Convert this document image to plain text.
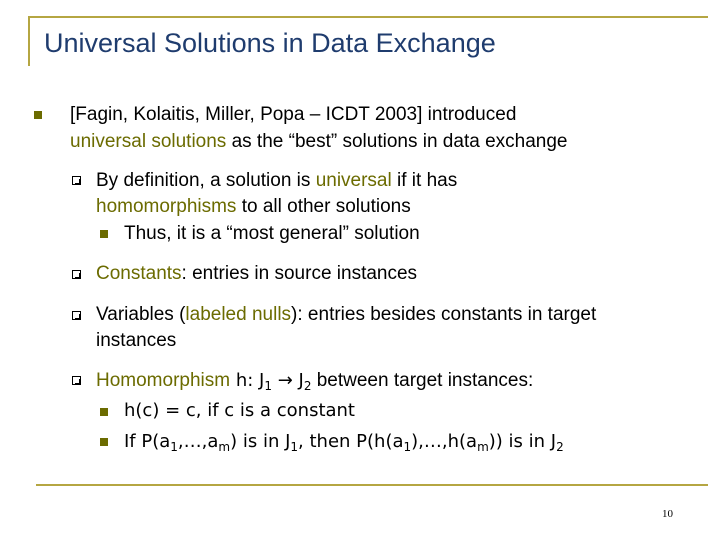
Universal Solutions in Data Exchange
[Fagin, Kolaitis, Miller, Popa – ICDT 2003] introduced
universal solutions as the “best” solutions in data exchange
By definition, a solution is universal if it has
homomorphisms to all other solutions
Thus, it is a “most general” solution
Constants: entries in source instances
Variables (labeled nulls): entries besides constants in target
instances
Homomorphism h: $J_1 \to J_2$ between target instances:
h(c) = c, if c is a constant
If $P(a_1,\dots,a_m)$ is in $J_1$, then $P(h(a_1),\dots,h(a_m))$ is in $J_2$
10
